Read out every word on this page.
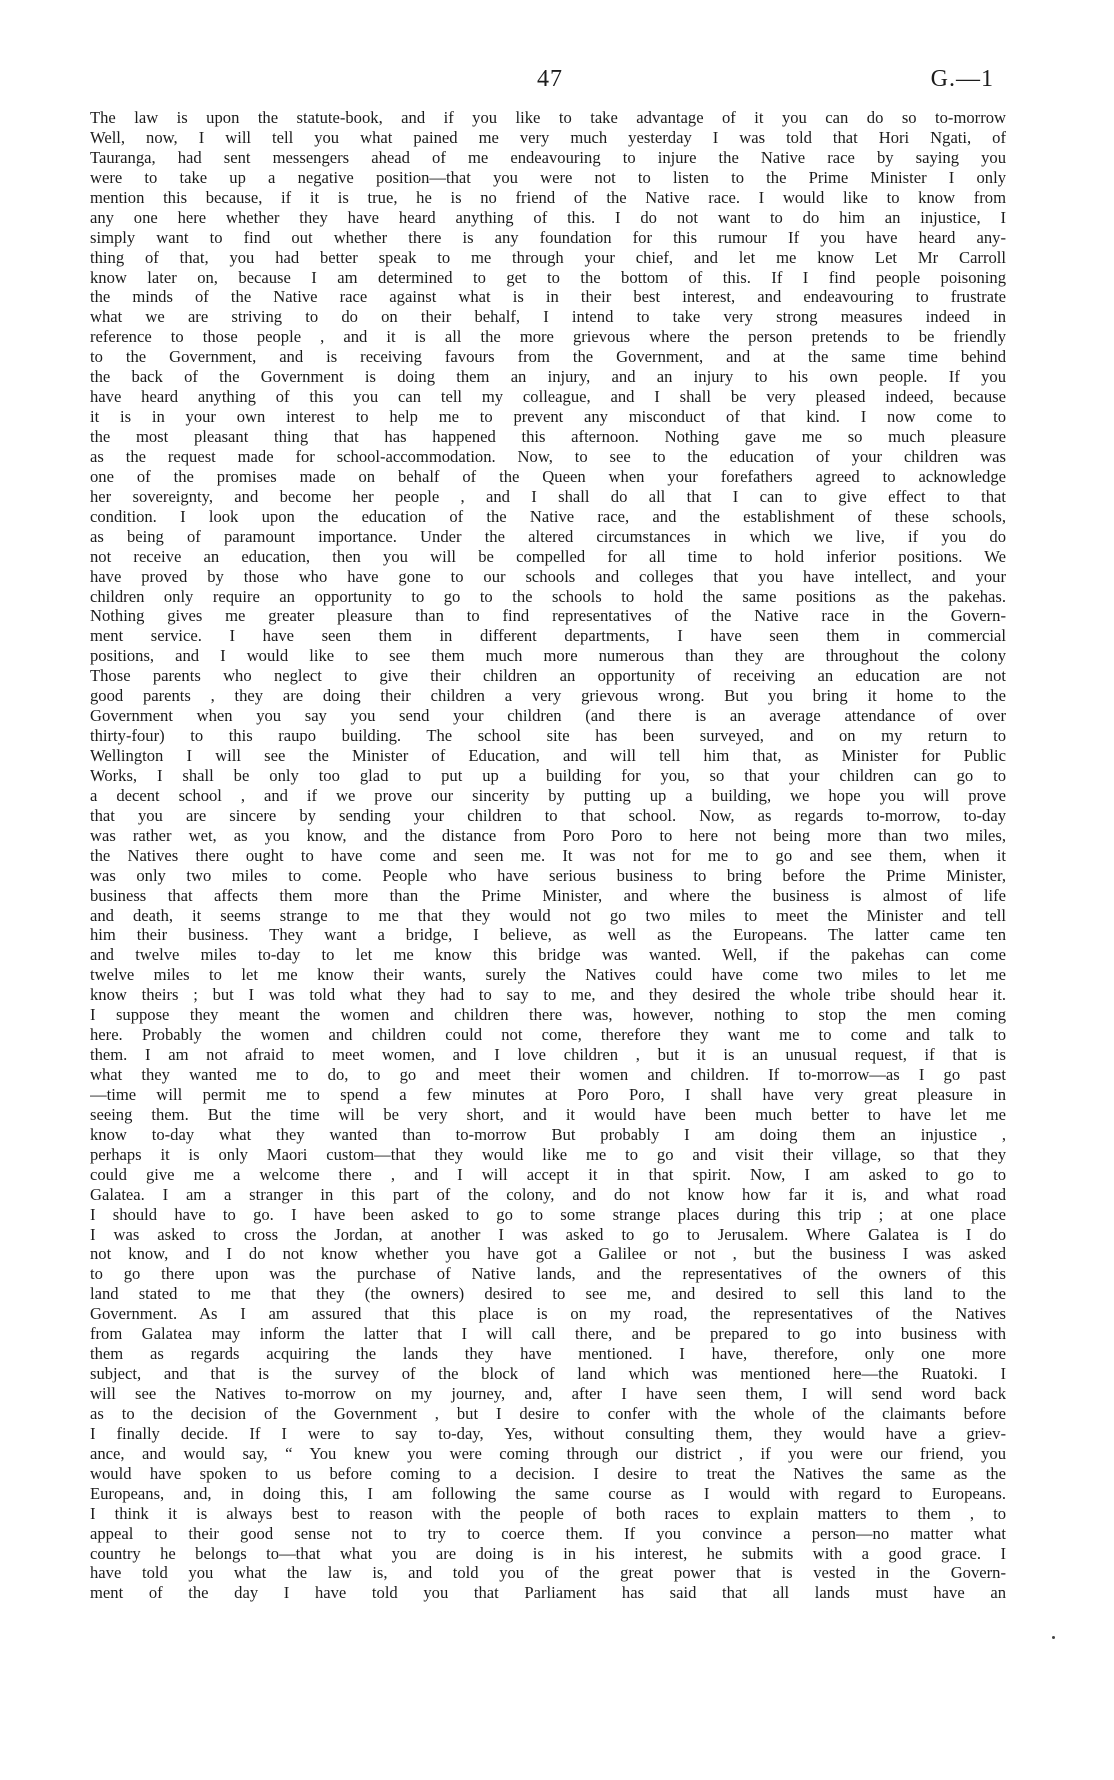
47	G.—1
The law is upon the statute-book, and if you like to take advantage of it you can do so to-morrow
Well, now, I will tell you what pained me very much yesterday I was told that Hori Ngati, of
Tauranga, had sent messengers ahead of me endeavouring to injure the Native race by saying you
were to take up a negative position—that you were not to listen to the Prime Minister I only
mention this because, if it is true, he is no friend of the Native race. I would like to know from
any one here whether they have heard anything of this. I do not want to do him an injustice, I
simply want to find out whether there is any foundation for this rumour If you have heard any-
thing of that, you had better speak to me through your chief, and let me know Let Mr Carroll
know later on, because I am determined to get to the bottom of this. If I find people poisoning
the minds of the Native race against what is in their best interest, and endeavouring to frustrate
what we are striving to do on their behalf, I intend to take very strong measures indeed in
reference to those people , and it is all the more grievous where the person pretends to be friendly
to the Government, and is receiving favours from the Government, and at the same time behind
the back of the Government is doing them an injury, and an injury to his own people. If you
have heard anything of this you can tell my colleague, and I shall be very pleased indeed, because
it is in your own interest to help me to prevent any misconduct of that kind. I now come to
the most pleasant thing that has happened this afternoon. Nothing gave me so much pleasure
as the request made for school-accommodation. Now, to see to the education of your children was
one of the promises made on behalf of the Queen when your forefathers agreed to acknowledge
her sovereignty, and become her people , and I shall do all that I can to give effect to that
condition. I look upon the education of the Native race, and the establishment of these schools,
as being of paramount importance. Under the altered circumstances in which we live, if you do
not receive an education, then you will be compelled for all time to hold inferior positions. We
have proved by those who have gone to our schools and colleges that you have intellect, and your
children only require an opportunity to go to the schools to hold the same positions as the pakehas.
Nothing gives me greater pleasure than to find representatives of the Native race in the Govern-
ment service. I have seen them in different departments, I have seen them in commercial
positions, and I would like to see them much more numerous than they are throughout the colony
Those parents who neglect to give their children an opportunity of receiving an education are not
good parents , they are doing their children a very grievous wrong. But you bring it home to the
Government when you say you send your children (and there is an average attendance of over
thirty-four) to this raupo building. The school site has been surveyed, and on my return to
Wellington I will see the Minister of Education, and will tell him that, as Minister for Public
Works, I shall be only too glad to put up a building for you, so that your children can go to
a decent school , and if we prove our sincerity by putting up a building, we hope you will prove
that you are sincere by sending your children to that school. Now, as regards to-morrow, to-day
was rather wet, as you know, and the distance from Poro Poro to here not being more than two miles,
the Natives there ought to have come and seen me. It was not for me to go and see them, when it
was only two miles to come. People who have serious business to bring before the Prime Minister,
business that affects them more than the Prime Minister, and where the business is almost of life
and death, it seems strange to me that they would not go two miles to meet the Minister and tell
him their business. They want a bridge, I believe, as well as the Europeans. The latter came ten
and twelve miles to-day to let me know this bridge was wanted. Well, if the pakehas can come
twelve miles to let me know their wants, surely the Natives could have come two miles to let me
know theirs ; but I was told what they had to say to me, and they desired the whole tribe should hear it.
I suppose they meant the women and children there was, however, nothing to stop the men coming
here. Probably the women and children could not come, therefore they want me to come and talk to
them. I am not afraid to meet women, and I love children , but it is an unusual request, if that is
what they wanted me to do, to go and meet their women and children. If to-morrow—as I go past
—time will permit me to spend a few minutes at Poro Poro, I shall have very great pleasure in
seeing them. But the time will be very short, and it would have been much better to have let me
know to-day what they wanted than to-morrow But probably I am doing them an injustice ,
perhaps it is only Maori custom—that they would like me to go and visit their village, so that they
could give me a welcome there , and I will accept it in that spirit. Now, I am asked to go to
Galatea. I am a stranger in this part of the colony, and do not know how far it is, and what road
I should have to go. I have been asked to go to some strange places during this trip ; at one place
I was asked to cross the Jordan, at another I was asked to go to Jerusalem. Where Galatea is I do
not know, and I do not know whether you have got a Galilee or not , but the business I was asked
to go there upon was the purchase of Native lands, and the representatives of the owners of this
land stated to me that they (the owners) desired to see me, and desired to sell this land to the
Government. As I am assured that this place is on my road, the representatives of the Natives
from Galatea may inform the latter that I will call there, and be prepared to go into business with
them as regards acquiring the lands they have mentioned. I have, therefore, only one more
subject, and that is the survey of the block of land which was mentioned here—the Ruatoki. I
will see the Natives to-morrow on my journey, and, after I have seen them, I will send word back
as to the decision of the Government , but I desire to confer with the whole of the claimants before
I finally decide. If I were to say to-day, Yes, without consulting them, they would have a griev-
ance, and would say, “ You knew you were coming through our district , if you were our friend, you
would have spoken to us before coming to a decision. I desire to treat the Natives the same as the
Europeans, and, in doing this, I am following the same course as I would with regard to Europeans.
I think it is always best to reason with the people of both races to explain matters to them , to
appeal to their good sense not to try to coerce them. If you convince a person—no matter what
country he belongs to—that what you are doing is in his interest, he submits with a good grace. I
have told you what the law is, and told you of the great power that is vested in the Govern-
ment of the day I have told you that Parliament has said that all lands must have an
